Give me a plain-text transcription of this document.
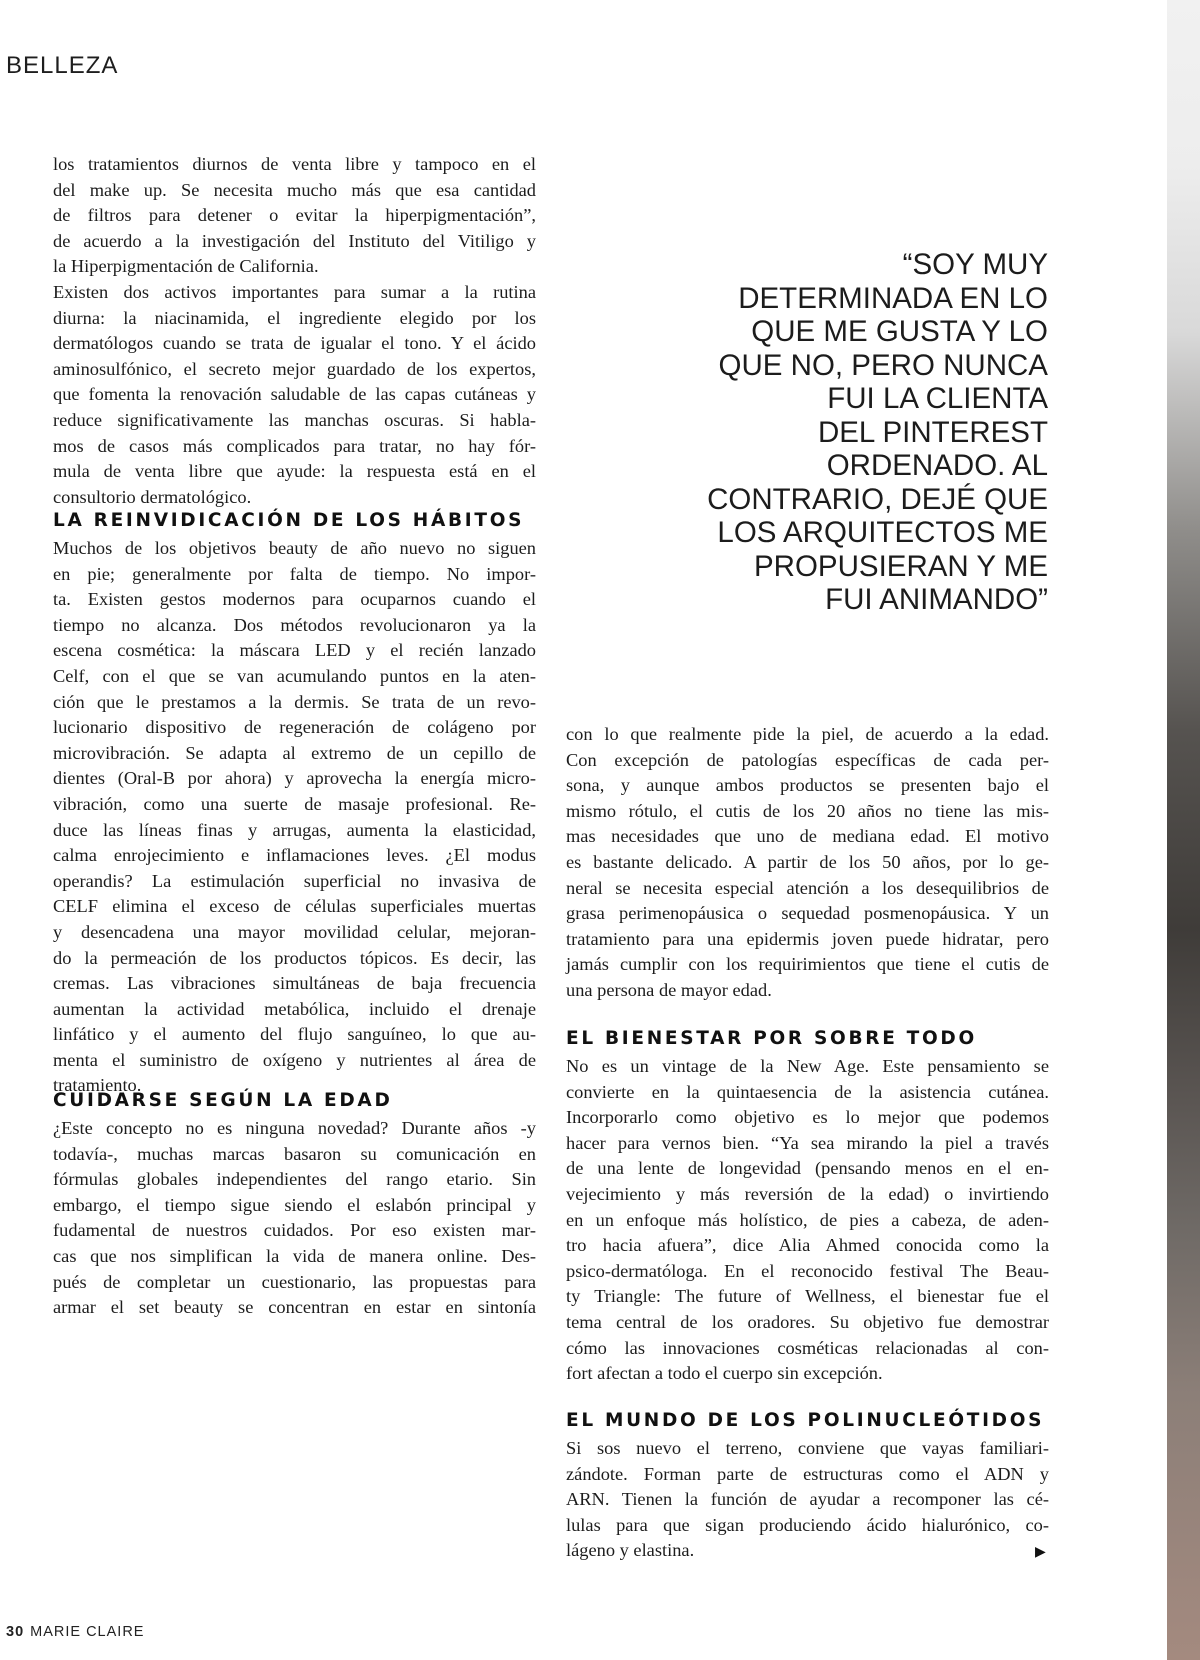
BELLEZA

los tratamientos diurnos de venta libre y tampoco en el
del make up. Se necesita mucho más que esa cantidad
de filtros para detener o evitar la hiperpigmentación”,
de acuerdo a la investigación del Instituto del Vitiligo y
la Hiperpigmentación de California.
Existen dos activos importantes para sumar a la rutina
diurna: la niacinamida, el ingrediente elegido por los
dermatólogos cuando se trata de igualar el tono. Y el ácido
aminosulfónico, el secreto mejor guardado de los expertos,
que fomenta la renovación saludable de las capas cutáneas y
reduce significativamente las manchas oscuras. Si habla-
mos de casos más complicados para tratar, no hay fór-
mula de venta libre que ayude: la respuesta está en el
consultorio dermatológico.

LA REINVIDICACIÓN DE LOS HÁBITOS

Muchos de los objetivos beauty de año nuevo no siguen
en pie; generalmente por falta de tiempo. No impor-
ta. Existen gestos modernos para ocuparnos cuando el
tiempo no alcanza. Dos métodos revolucionaron ya la
escena cosmética: la máscara LED y el recién lanzado
Celf, con el que se van acumulando puntos en la aten-
ción que le prestamos a la dermis. Se trata de un revo-
lucionario dispositivo de regeneración de colágeno por
microvibración. Se adapta al extremo de un cepillo de
dientes (Oral-B por ahora) y aprovecha la energía micro-
vibración, como una suerte de masaje profesional. Re-
duce las líneas finas y arrugas, aumenta la elasticidad,
calma enrojecimiento e inflamaciones leves. ¿El modus
operandis? La estimulación superficial no invasiva de
CELF elimina el exceso de células superficiales muertas
y desencadena una mayor movilidad celular, mejoran-
do la permeación de los productos tópicos. Es decir, las
cremas. Las vibraciones simultáneas de baja frecuencia
aumentan la actividad metabólica, incluido el drenaje
linfático y el aumento del flujo sanguíneo, lo que au-
menta el suministro de oxígeno y nutrientes al área de
tratamiento.

CUIDARSE SEGÚN LA EDAD

¿Este concepto no es ninguna novedad? Durante años -y
todavía-, muchas marcas basaron su comunicación en
fórmulas globales independientes del rango etario. Sin
embargo, el tiempo sigue siendo el eslabón principal y
fudamental de nuestros cuidados. Por eso existen mar-
cas que nos simplifican la vida de manera online. Des-
pués de completar un cuestionario, las propuestas para
armar el set beauty se concentran en estar en sintonía

“SOY MUY
DETERMINADA EN LO
QUE ME GUSTA Y LO
QUE NO, PERO NUNCA
FUI LA CLIENTA
DEL PINTEREST
ORDENADO. AL
CONTRARIO, DEJÉ QUE
LOS ARQUITECTOS ME
PROPUSIERAN Y ME
FUI ANIMANDO”

con lo que realmente pide la piel, de acuerdo a la edad.
Con excepción de patologías específicas de cada per-
sona, y aunque ambos productos se presenten bajo el
mismo rótulo, el cutis de los 20 años no tiene las mis-
mas necesidades que uno de mediana edad. El motivo
es bastante delicado. A partir de los 50 años, por lo ge-
neral se necesita especial atención a los desequilibrios de
grasa perimenopáusica o sequedad posmenopáusica. Y un
tratamiento para una epidermis joven puede hidratar, pero
jamás cumplir con los requirimientos que tiene el cutis de
una persona de mayor edad.

EL BIENESTAR POR SOBRE TODO

No es un vintage de la New Age. Este pensamiento se
convierte en la quintaesencia de la asistencia cutánea.
Incorporarlo como objetivo es lo mejor que podemos
hacer para vernos bien. “Ya sea mirando la piel a través
de una lente de longevidad (pensando menos en el en-
vejecimiento y más reversión de la edad) o invirtiendo
en un enfoque más holístico, de pies a cabeza, de aden-
tro hacia afuera”, dice Alia Ahmed conocida como la
psico-dermatóloga. En el reconocido festival The Beau-
ty Triangle: The future of Wellness, el bienestar fue el
tema central de los oradores. Su objetivo fue demostrar
cómo las innovaciones cosméticas relacionadas al con-
fort afectan a todo el cuerpo sin excepción.

EL MUNDO DE LOS POLINUCLEÓTIDOS

Si sos nuevo el terreno, conviene que vayas familiari-
zándote. Forman parte de estructuras como el ADN y
ARN. Tienen la función de ayudar a recomponer las cé-
lulas para que sigan produciendo ácido hialurónico, co-
lágeno y elastina.	▶
30 MARIE CLAIRE
